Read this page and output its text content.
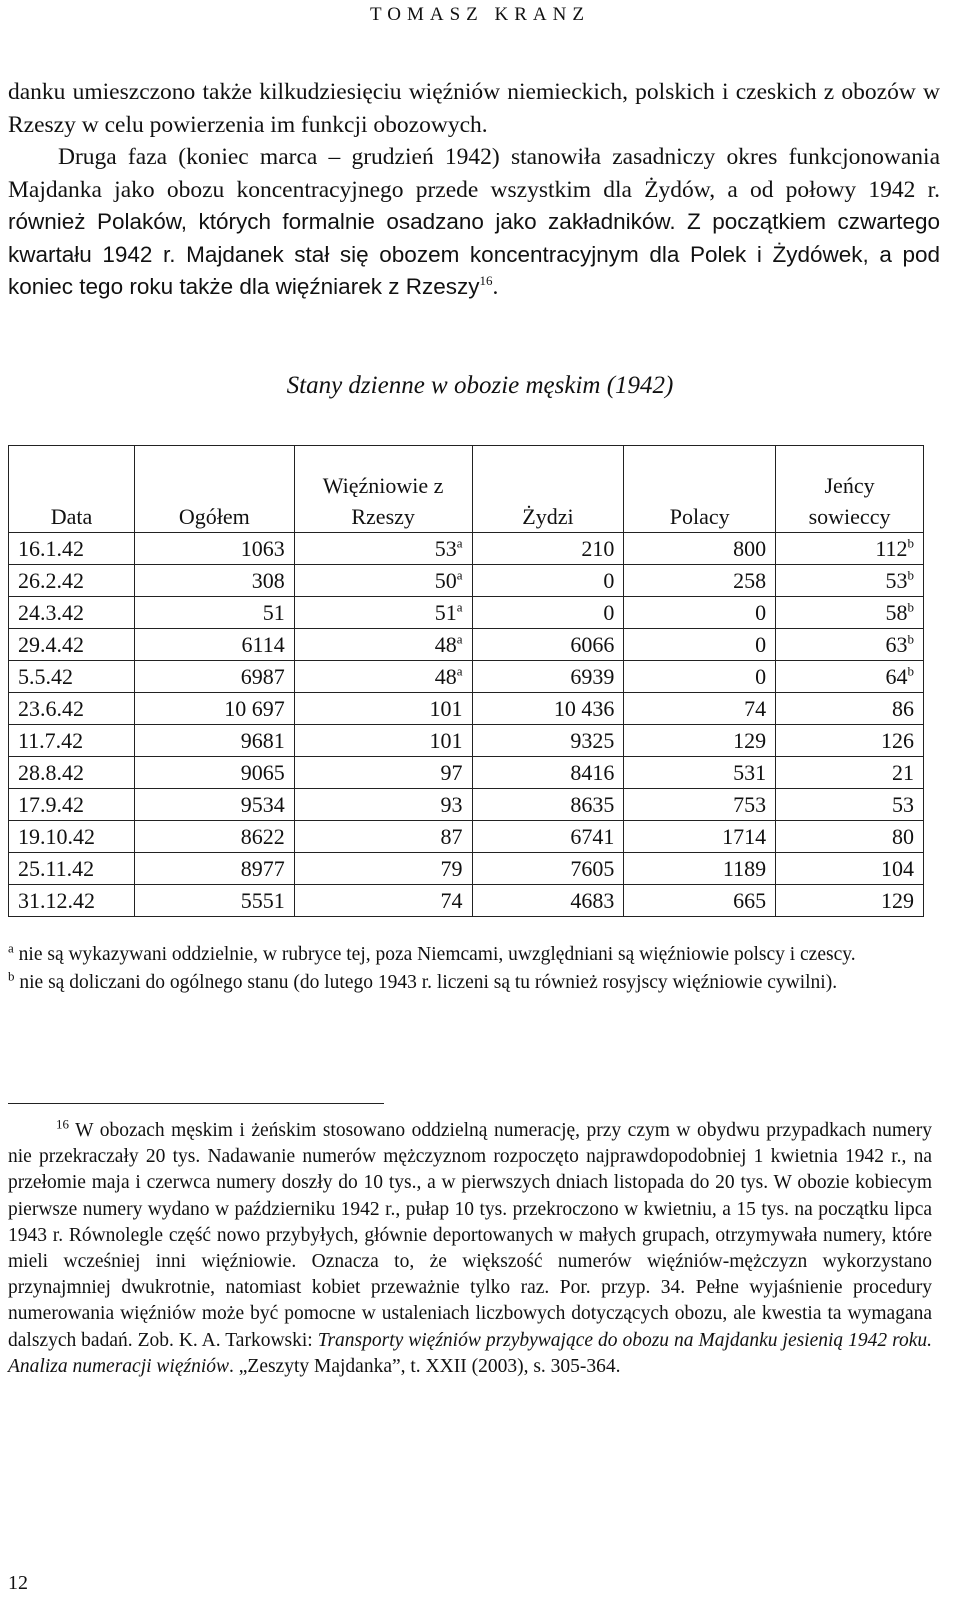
TOMASZ KRANZ

danku umieszczono także kilkudziesięciu więźniów niemieckich, polskich i czeskich z obozów w Rzeszy w celu powierzenia im funkcji obozowych.

Druga faza (koniec marca – grudzień 1942) stanowiła zasadniczy okres funkcjonowania Majdanka jako obozu koncentracyjnego przede wszystkim dla Żydów, a od połowy 1942 r. również Polaków, których formalnie osadzano jako zakładników. Z początkiem czwartego kwartału 1942 r. Majdanek stał się obozem koncentracyjnym dla Polek i Żydówek, a pod koniec tego roku także dla więźniarek z Rzeszy$^{16}$.

Stany dzienne w obozie męskim (1942)
Data	Ogółem	Więźniowie z Rzeszy	Żydzi	Polacy	Jeńcy sowieccy
16.1.42	1063	53$^a$	210	800	112$^b$
26.2.42	308	50$^a$	0	258	53$^b$
24.3.42	51	51$^a$	0	0	58$^b$
29.4.42	6114	48$^a$	6066	0	63$^b$
5.5.42	6987	48$^a$	6939	0	64$^b$
23.6.42	10 697	101	10 436	74	86
11.7.42	9681	101	9325	129	126
28.8.42	9065	97	8416	531	21
17.9.42	9534	93	8635	753	53
19.10.42	8622	87	6741	1714	80
25.11.42	8977	79	7605	1189	104
31.12.42	5551	74	4683	665	129

$^a$ nie są wykazywani oddzielnie, w rubryce tej, poza Niemcami, uwzględniani są więźniowie polscy i czescy.

$^b$ nie są doliczani do ogólnego stanu (do lutego 1943 r. liczeni są tu również rosyjscy więźniowie cywilni).

$^{16}$ W obozach męskim i żeńskim stosowano oddzielną numerację, przy czym w obydwu przypadkach numery nie przekraczały 20 tys. Nadawanie numerów mężczyznom rozpoczęto najprawdopodobniej 1 kwietnia 1942 r., na przełomie maja i czerwca numery doszły do 10 tys., a w pierwszych dniach listopada do 20 tys. W obozie kobiecym pierwsze numery wydano w październiku 1942 r., pułap 10 tys. przekroczono w kwietniu, a 15 tys. na początku lipca 1943 r. Równolegle część nowo przybyłych, głównie deportowanych w małych grupach, otrzymywała numery, które mieli wcześniej inni więźniowie. Oznacza to, że większość numerów więźniów-mężczyzn wykorzystano przynajmniej dwukrotnie, natomiast kobiet przeważnie tylko raz. Por. przyp. 34. Pełne wyjaśnienie procedury numerowania więźniów może być pomocne w ustaleniach liczbowych dotyczących obozu, ale kwestia ta wymagana dalszych badań. Zob. K. A. Tarkowski: Transporty więźniów przybywające do obozu na Majdanku jesienią 1942 roku. Analiza numeracji więźniów. „Zeszyty Majdanka”, t. XXII (2003), s. 305-364.

12
